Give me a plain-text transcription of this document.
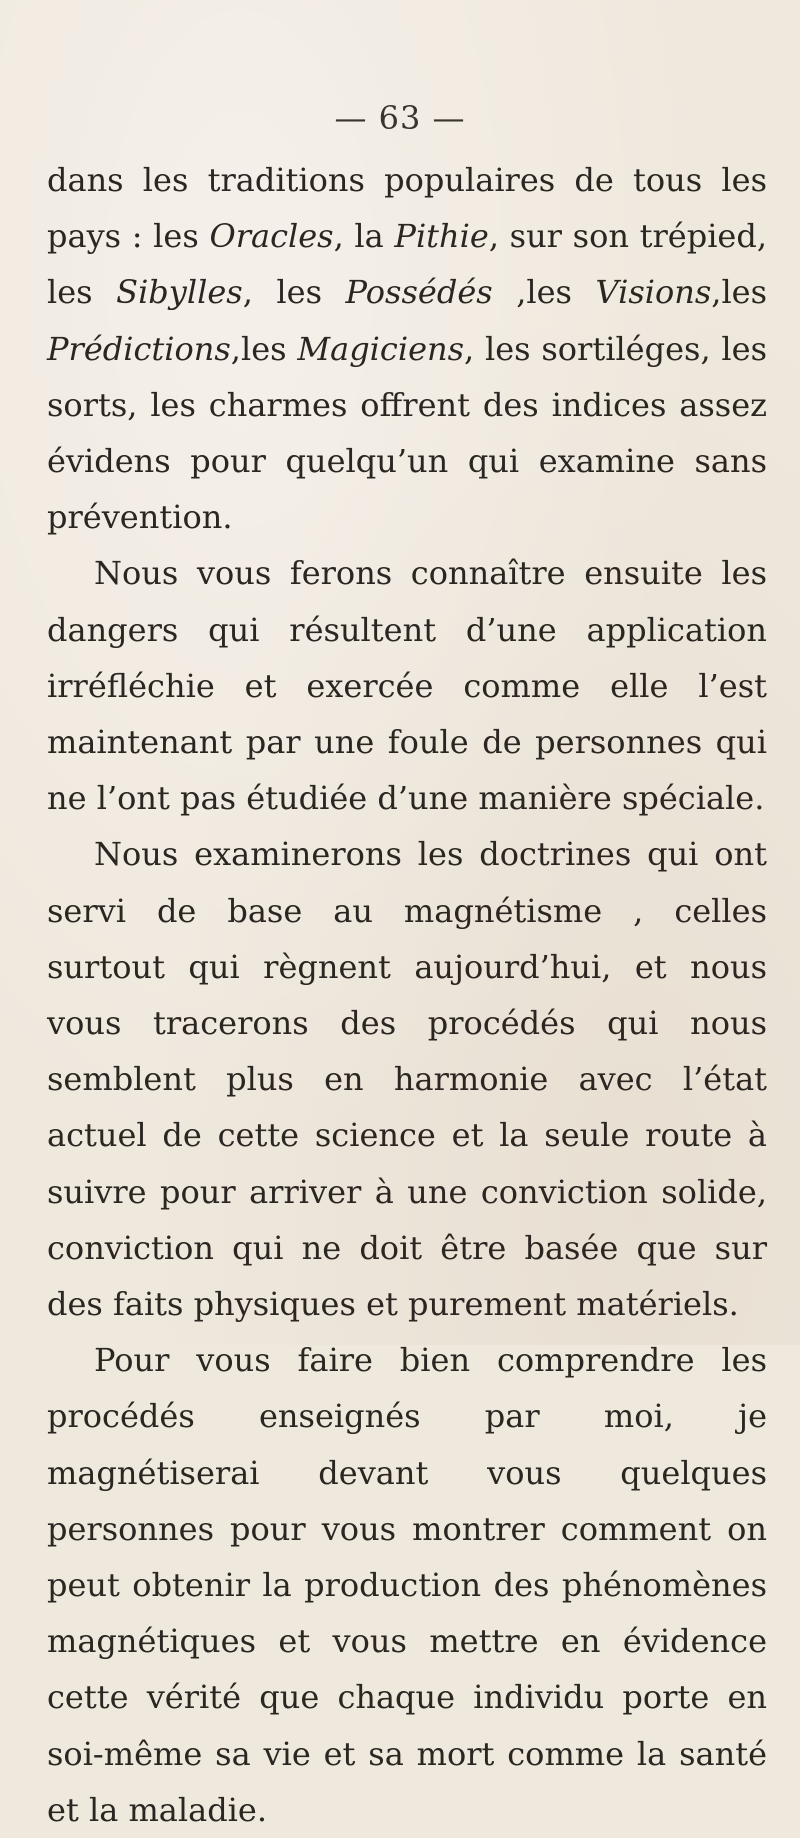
— 63 —

dans les traditions populaires de tous les pays : les Oracles, la Pithie, sur son trépied, les Sibylles, les Possédés ,les Visions,les Prédictions,les Magiciens, les sortiléges, les sorts, les charmes offrent des indices assez évidens pour quelqu’un qui examine sans prévention.

Nous vous ferons connaître ensuite les dangers qui résultent d’une application irréfléchie et exercée comme elle l’est maintenant par une foule de personnes qui ne l’ont pas étudiée d’une manière spéciale.

Nous examinerons les doctrines qui ont servi de base au magnétisme , celles surtout qui règnent aujourd’hui, et nous vous tracerons des procédés qui nous semblent plus en harmonie avec l’état actuel de cette science et la seule route à suivre pour arriver à une conviction solide, conviction qui ne doit être basée que sur des faits physiques et purement matériels.

Pour vous faire bien comprendre les procédés enseignés par moi, je magnétiserai devant vous quelques personnes pour vous montrer comment on peut obtenir la production des phénomènes magnétiques et vous mettre en évidence cette vérité que chaque individu porte en soi-même sa vie et sa mort comme la santé et la maladie.
